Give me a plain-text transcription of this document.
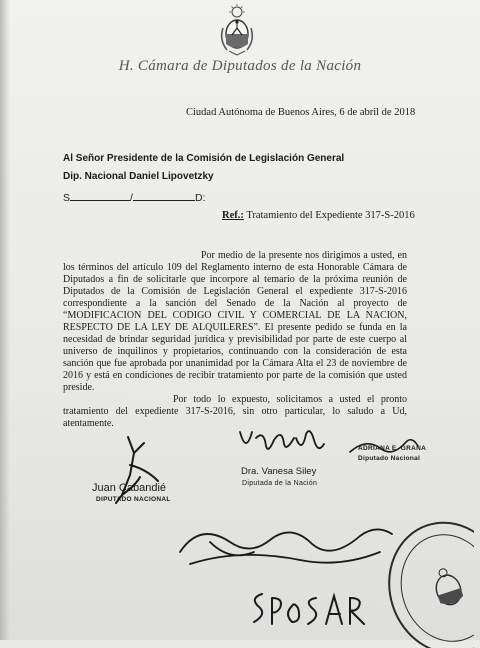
H. Cámara de Diputados de la Nación
Ciudad Autónoma de Buenos Aires, 6 de abril de 2018
Al Señor Presidente de la Comisión de Legislación General
Dip. Nacional Daniel Lipovetzky
S	/	D:
Ref.: Tratamiento del Expediente 317-S-2016

Por medio de la presente nos dirigimos a usted, en los términos del artículo 109 del Reglamento interno de esta Honorable Cámara de Diputados a fin de solicitarle que incorpore al temario de la próxima reunión de Diputados de la Comisión de Legislación General el expediente 317-S-2016 correspondiente a la sanción del Senado de la Nación al proyecto de “MODIFICACION DEL CODIGO CIVIL Y COMERCIAL DE LA NACION, RESPECTO DE LA LEY DE ALQUILERES”. El presente pedido se funda en la necesidad de brindar seguridad jurídica y previsibilidad por parte de este cuerpo al universo de inquilinos y propietarios, continuando con la consideración de esta sanción que fue aprobada por unanimidad por la Cámara Alta el 23 de noviembre de 2016 y está en condiciones de recibir tratamiento por parte de la comisión que usted preside.

Por todo lo expuesto, solicitamos a usted el pronto tratamiento del expediente 317-S-2016, sin otro particular, lo saludo a Ud, atentamente.

Juan Cabandié
DIPUTADO NACIONAL
Dra. Vanesa Siley
Diputada de la Nación
ADRIANA E. GRANA
Diputado Nacional
